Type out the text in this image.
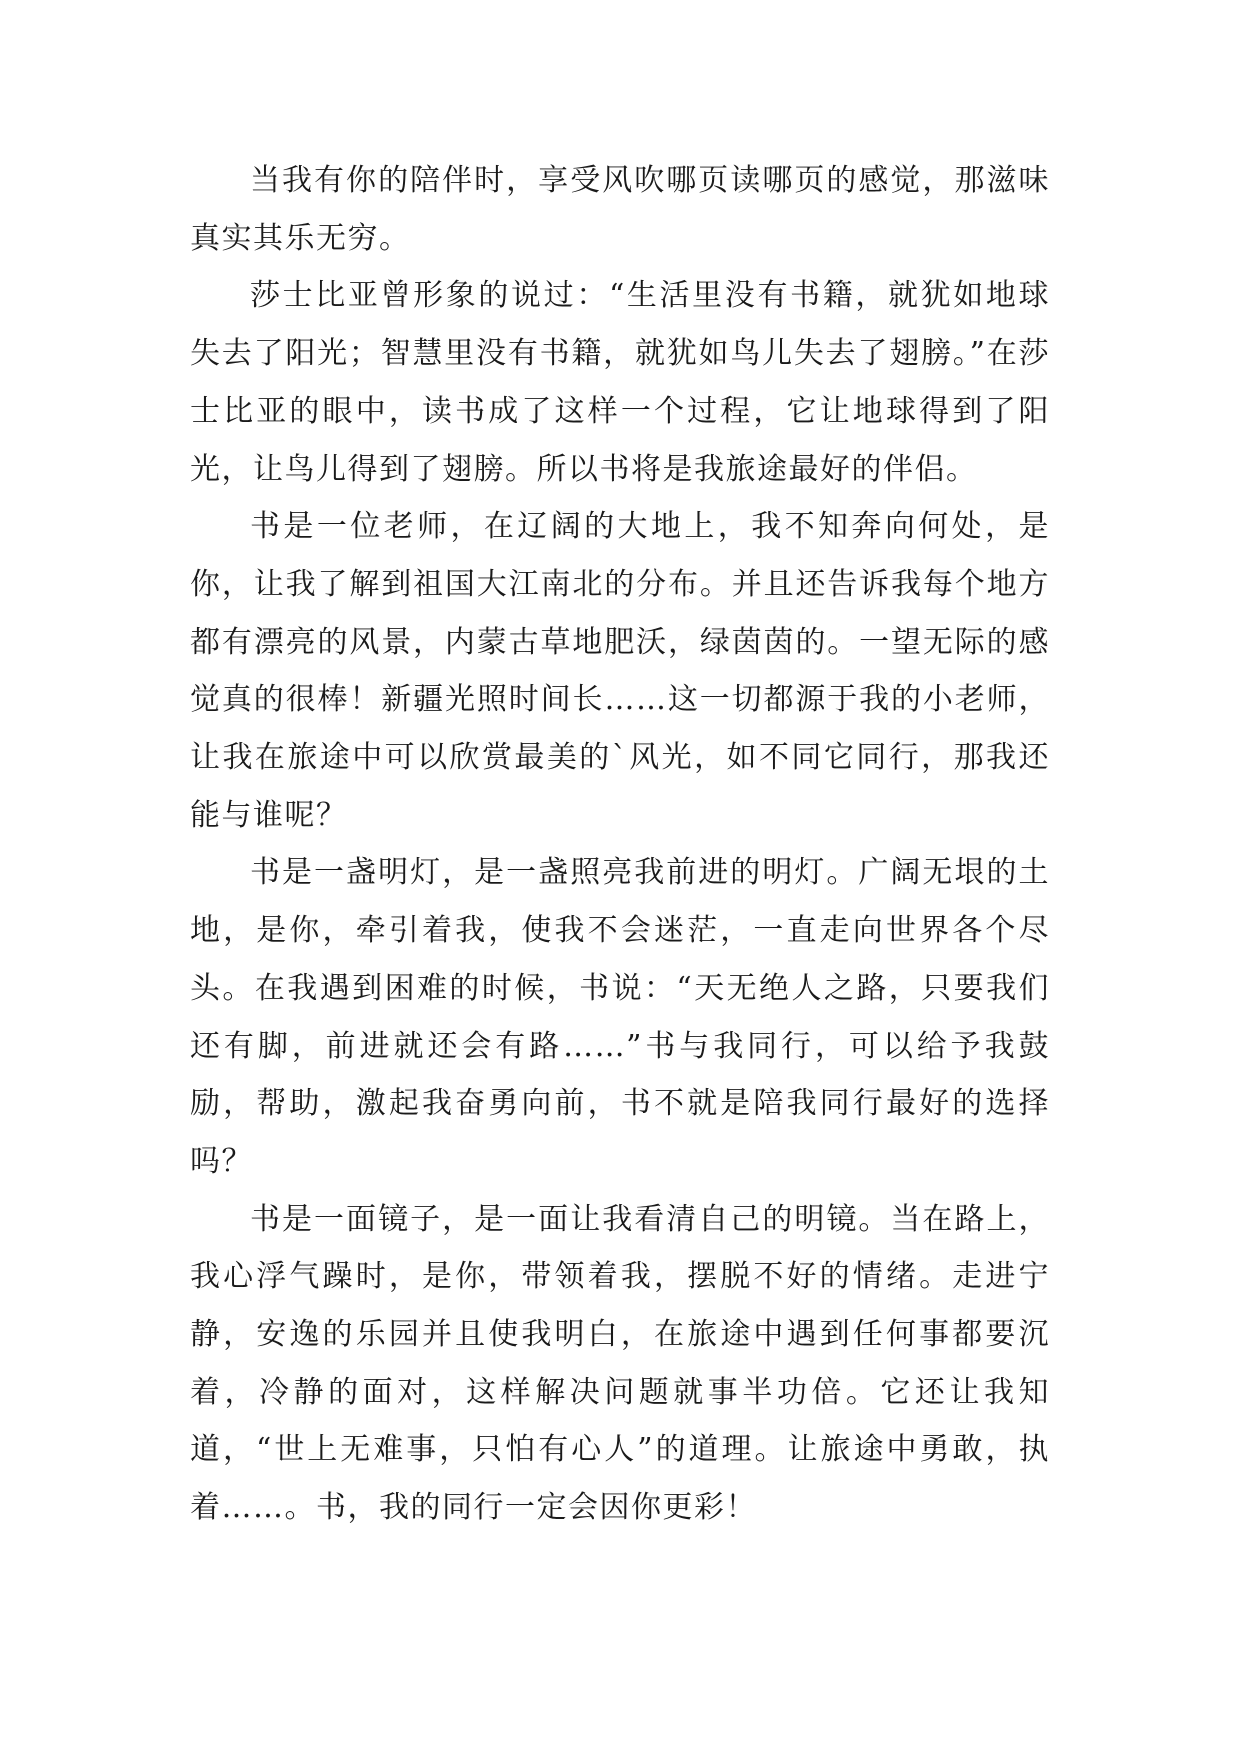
当我有你的陪伴时，享受风吹哪页读哪页的感觉，那滋味真实其乐无穷。

莎士比亚曾形象的说过：“生活里没有书籍，就犹如地球失去了阳光；智慧里没有书籍，就犹如鸟儿失去了翅膀。”在莎士比亚的眼中，读书成了这样一个过程，它让地球得到了阳光，让鸟儿得到了翅膀。所以书将是我旅途最好的伴侣。

书是一位老师，在辽阔的大地上，我不知奔向何处，是你，让我了解到祖国大江南北的分布。并且还告诉我每个地方都有漂亮的风景，内蒙古草地肥沃，绿茵茵的。一望无际的感觉真的很棒！新疆光照时间长……这一切都源于我的小老师，让我在旅途中可以欣赏最美的`风光，如不同它同行，那我还能与谁呢？

书是一盏明灯，是一盏照亮我前进的明灯。广阔无垠的土地，是你，牵引着我，使我不会迷茫，一直走向世界各个尽头。在我遇到困难的时候，书说：“天无绝人之路，只要我们还有脚，前进就还会有路……”书与我同行，可以给予我鼓励，帮助，激起我奋勇向前，书不就是陪我同行最好的选择吗？

书是一面镜子，是一面让我看清自己的明镜。当在路上，我心浮气躁时，是你，带领着我，摆脱不好的情绪。走进宁静，安逸的乐园并且使我明白，在旅途中遇到任何事都要沉着，冷静的面对，这样解决问题就事半功倍。它还让我知道，“世上无难事，只怕有心人”的道理。让旅途中勇敢，执着……。书，我的同行一定会因你更彩！
